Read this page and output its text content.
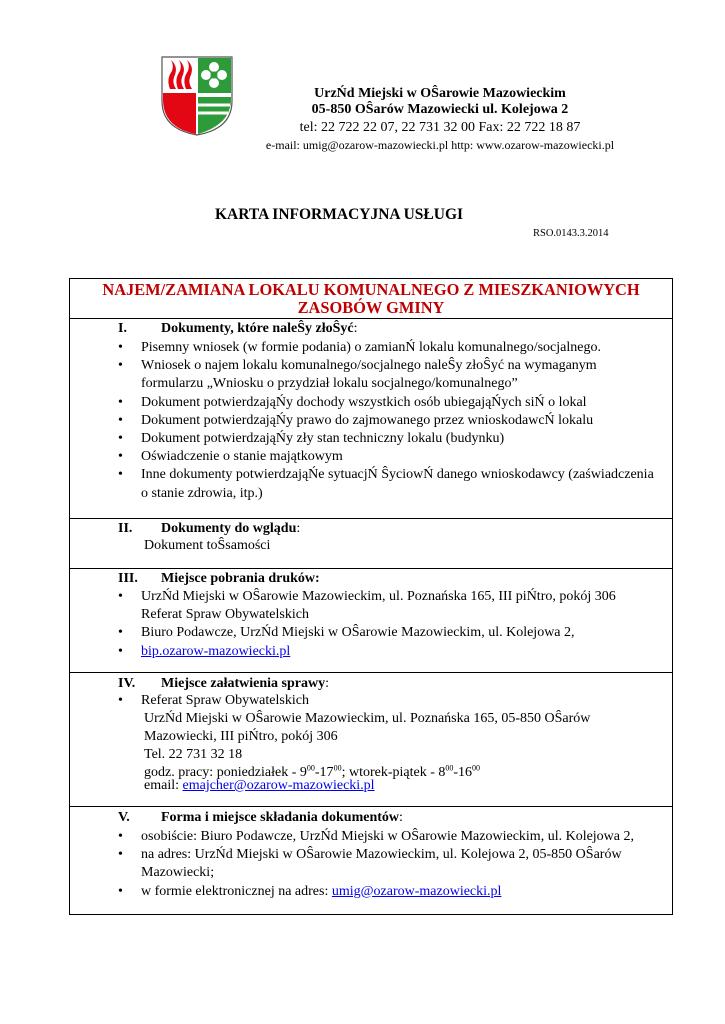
UrzŃd Miejski w OŜarowie Mazowieckim
05-850 OŜarów Mazowiecki ul. Kolejowa 2
tel: 22 722 22 07, 22 731 32 00 Fax: 22 722 18 87
e-mail: umig@ozarow-mazowiecki.pl http: www.ozarow-mazowiecki.pl
KARTA INFORMACYJNA USŁUGI
RSO.0143.3.2014
NAJEM/ZAMIANA LOKALU KOMUNALNEGO Z MIESZKANIOWYCH
ZASOBÓW GMINY
I. Dokumenty, które naleŜy złoŜyć:
• Pisemny wniosek (w formie podania) o zamianŃ lokalu komunalnego/socjalnego.
• Wniosek o najem lokalu komunalnego/socjalnego naleŜy złoŜyć na wymaganym formularzu „Wniosku o przydział lokalu socjalnego/komunalnego”
• Dokument potwierdzająŃy dochody wszystkich osób ubiegająŃych siŃ o lokal
• Dokument potwierdzająŃy prawo do zajmowanego przez wnioskodawcŃ lokalu
• Dokument potwierdzająŃy zły stan techniczny lokalu (budynku)
• Oświadczenie o stanie majątkowym
• Inne dokumenty potwierdzająŃe sytuacjŃ ŜyciowŃ danego wnioskodawcy (zaświadczenia o stanie zdrowia, itp.)
II. Dokumenty do wglądu:
Dokument toŜsamości
III. Miejsce pobrania druków:
• UrzŃd Miejski w OŜarowie Mazowieckim, ul. Poznańska 165, III piŃtro, pokój 306
Referat Spraw Obywatelskich
• Biuro Podawcze, UrzŃd Miejski w OŜarowie Mazowieckim, ul. Kolejowa 2,
• bip.ozarow-mazowiecki.pl
IV. Miejsce załatwienia sprawy:
• Referat Spraw Obywatelskich
UrzŃd Miejski w OŜarowie Mazowieckim, ul. Poznańska 165, 05-850 OŜarów
Mazowiecki, III piŃtro, pokój 306
Tel. 22 731 32 18
godz. pracy: poniedziałek - $9^{00}-17^{00}$; wtorek-piątek - $8^{00}-16^{00}$
email: emajcher@ozarow-mazowiecki.pl
V. Forma i miejsce składania dokumentów:
• osobiście: Biuro Podawcze, UrzŃd Miejski w OŜarowie Mazowieckim, ul. Kolejowa 2,
• na adres: UrzŃd Miejski w OŜarowie Mazowieckim, ul. Kolejowa 2, 05-850 OŜarów Mazowiecki;
• w formie elektronicznej na adres: umig@ozarow-mazowiecki.pl
